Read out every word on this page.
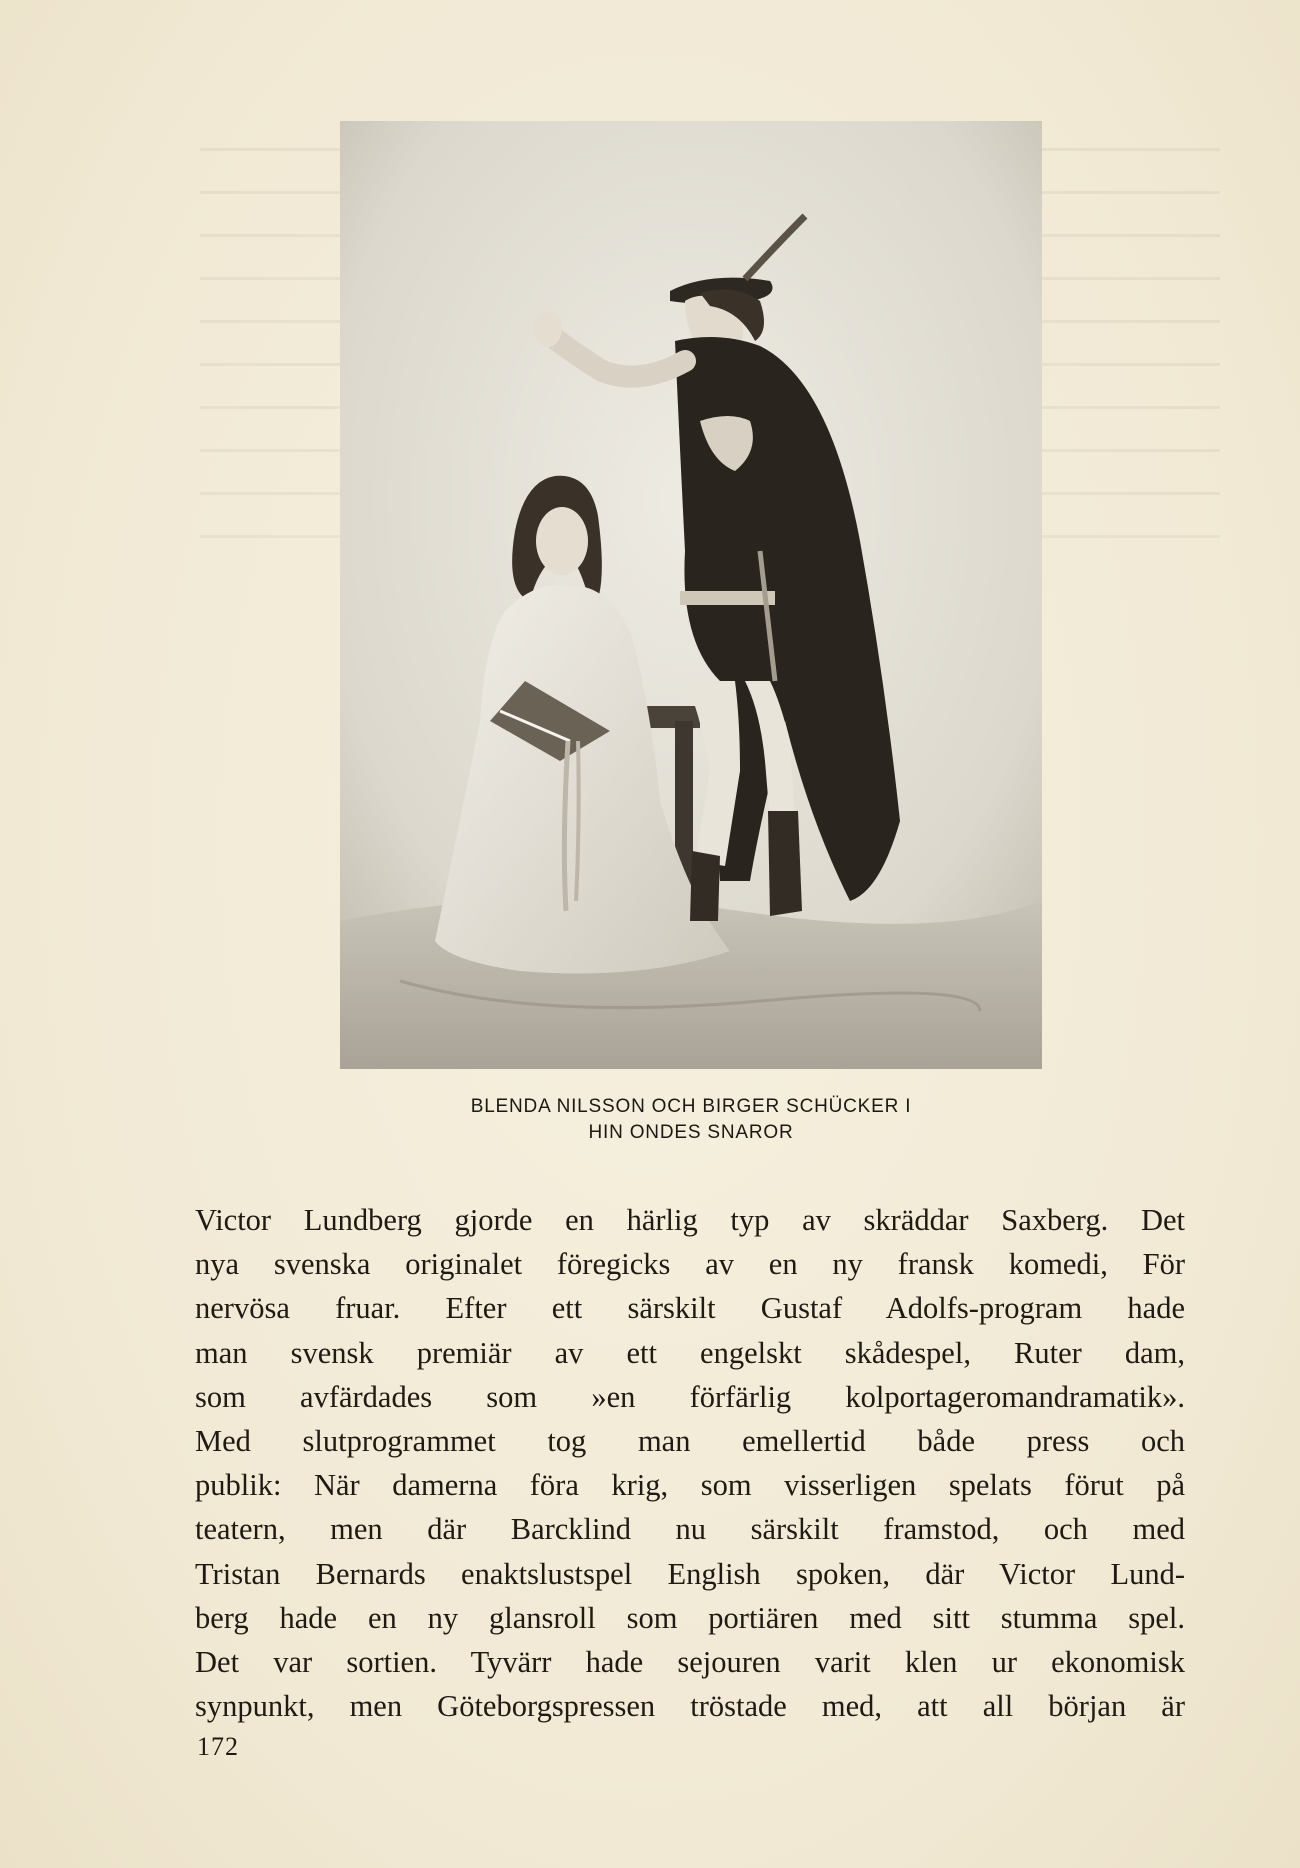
BLENDA NILSSON OCH BIRGER SCHÜCKER I
HIN ONDES SNAROR
Victor Lundberg gjorde en härlig typ av skräddar Saxberg. Det
nya svenska originalet föregicks av en ny fransk komedi, För
nervösa fruar. Efter ett särskilt Gustaf Adolfs-program hade
man svensk premiär av ett engelskt skådespel, Ruter dam,
som avfärdades som »en förfärlig kolportageromandramatik».
Med slutprogrammet tog man emellertid både press och
publik: När damerna föra krig, som visserligen spelats förut på
teatern, men där Barcklind nu särskilt framstod, och med
Tristan Bernards enaktslustspel English spoken, där Victor Lund-
berg hade en ny glansroll som portiären med sitt stumma spel.
Det var sortien. Tyvärr hade sejouren varit klen ur ekonomisk
synpunkt, men Göteborgspressen tröstade med, att all början är
172
